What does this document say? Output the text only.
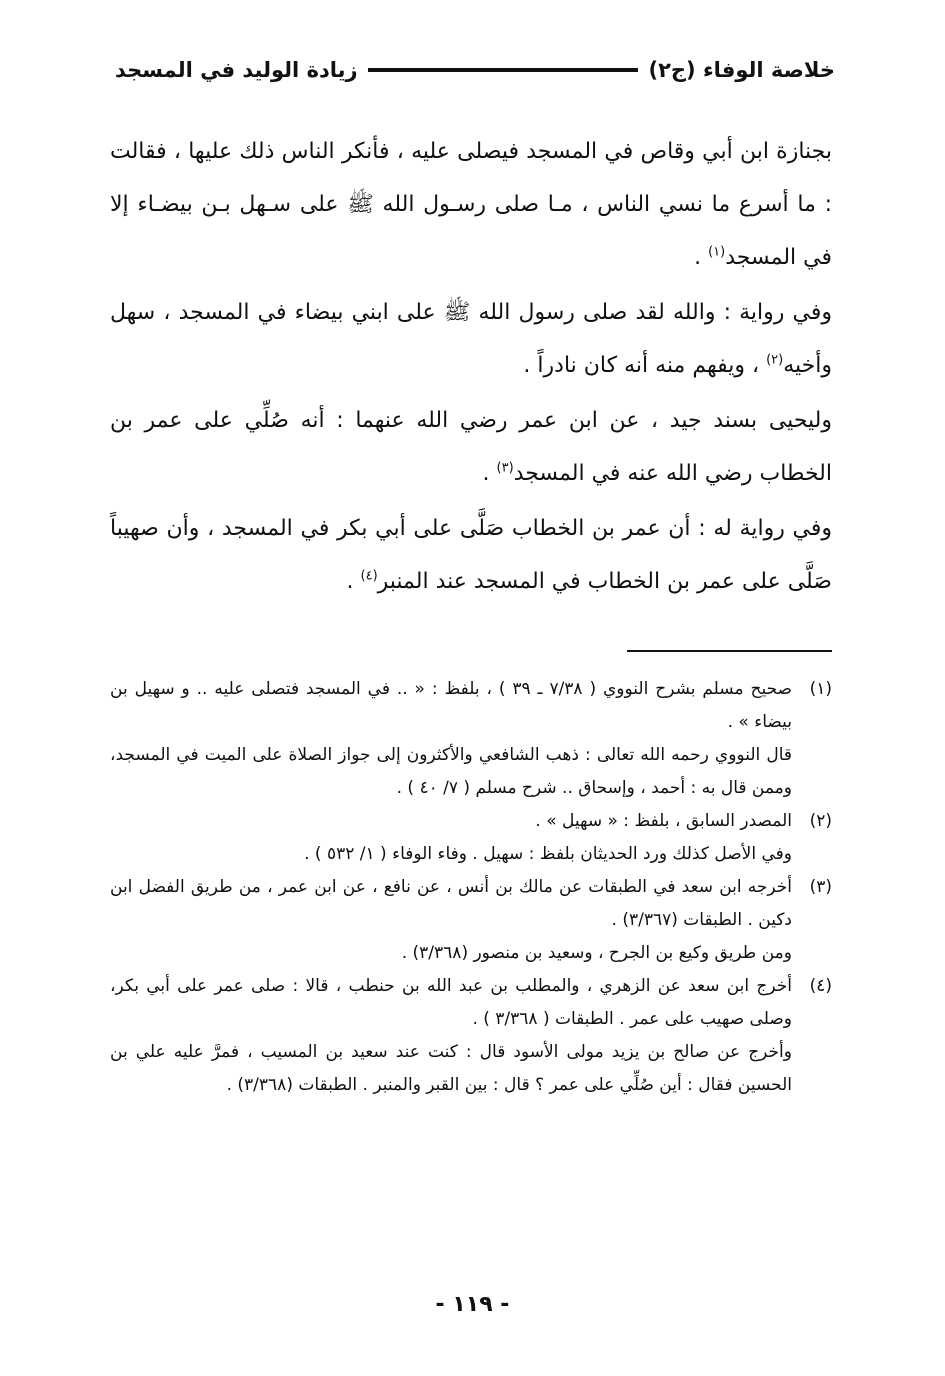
خلاصة الوفاء (ج٢)
زيادة الوليد في المسجد

بجنازة ابن أبي وقاص في المسجد فيصلى عليه ، فأنكر الناس ذلك عليها ، فقالت : ما أسرع ما نسي الناس ، مـا صلى رسـول الله ﷺ على سـهل بـن بيضـاء إلا في المسجد$^{(١)}$ .

وفي رواية : والله لقد صلى رسول الله ﷺ على ابني بيضاء في المسجد ، سهل وأخيه$^{(٢)}$ ، ويفهم منه أنه كان نادراً .

وليحيى بسند جيد ، عن ابن عمر رضي الله عنهما : أنه صُلِّي على عمر بن الخطاب رضي الله عنه في المسجد$^{(٣)}$ .

وفي رواية له : أن عمر بن الخطاب صَلَّى على أبي بكر في المسجد ، وأن صهيباً صَلَّى على عمر بن الخطاب في المسجد عند المنبر$^{(٤)}$ .

(١)

صحيح مسلم بشرح النووي ( ٧/٣٨ ـ ٣٩ ) ، بلفظ : « .. في المسجد فتصلى عليه .. و سهيل بن بيضاء » .

قال النووي رحمه الله تعالى : ذهب الشافعي والأكثرون إلى جواز الصلاة على الميت في المسجد، وممن قال به : أحمد ، وإسحاق .. شرح مسلم ( ٧/ ٤٠ ) .

(٢)

المصدر السابق ، بلفظ : « سهيل » .

وفي الأصل كذلك ورد الحديثان بلفظ : سهيل . وفاء الوفاء ( ١/ ٥٣٢ ) .

(٣)

أخرجه ابن سعد في الطبقات عن مالك بن أنس ، عن نافع ، عن ابن عمر ، من طريق الفضل ابن دكين . الطبقات (٣/٣٦٧) .

ومن طريق وكيع بن الجرح ، وسعيد بن منصور (٣/٣٦٨) .

(٤)

أخرج ابن سعد عن الزهري ، والمطلب بن عبد الله بن حنطب ، قالا : صلى عمر على أبي بكر، وصلى صهيب على عمر . الطبقات ( ٣/٣٦٨ ) .

وأخرج عن صالح بن يزيد مولى الأسود قال : كنت عند سعيد بن المسيب ، فمرَّ عليه علي بن الحسين فقال : أين صُلِّي على عمر ؟ قال : بين القبر والمنبر . الطبقات (٣/٣٦٨) .

- ١١٩ -
